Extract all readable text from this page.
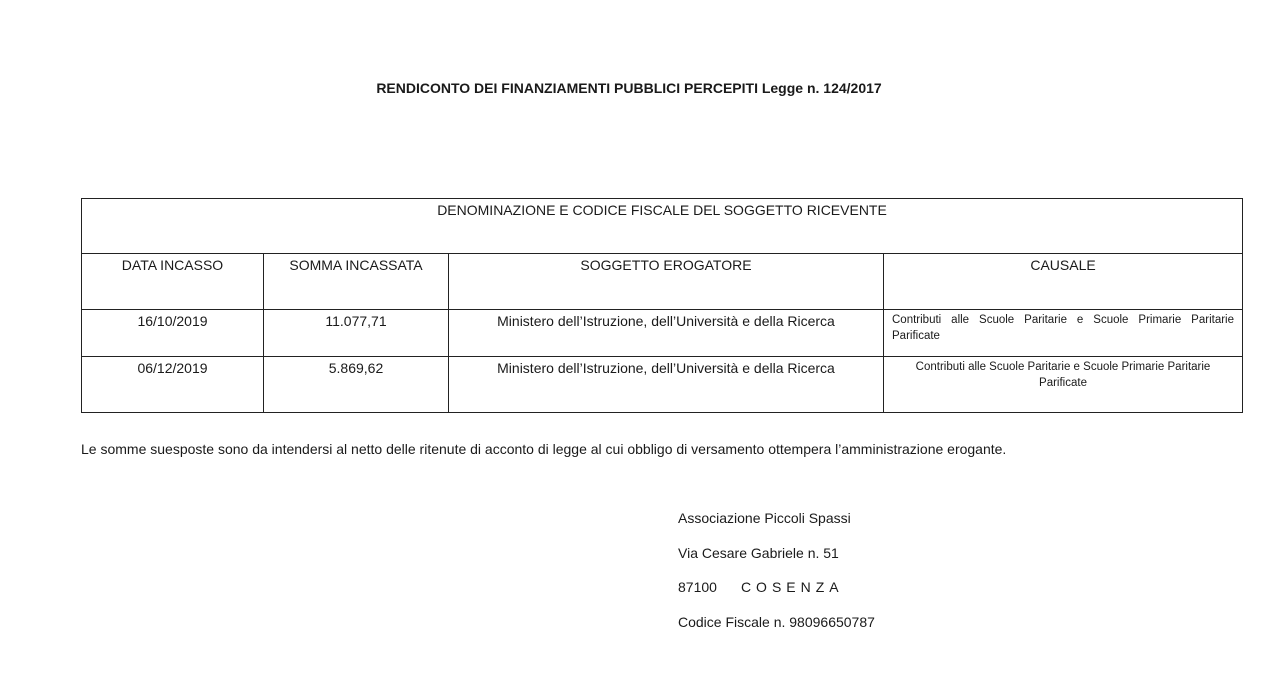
RENDICONTO DEI FINANZIAMENTI PUBBLICI PERCEPITI Legge n. 124/2017
DENOMINAZIONE E CODICE FISCALE DEL SOGGETTO RICEVENTE			
DATA INCASSO	SOMMA INCASSATA	SOGGETTO EROGATORE	CAUSALE
16/10/2019	11.077,71	Ministero dell’Istruzione, dell’Università e della Ricerca	Contributi alle Scuole Paritarie e Scuole Primarie Paritarie Parificate
06/12/2019	5.869,62	Ministero dell’Istruzione, dell’Università e della Ricerca	Contributi alle Scuole Paritarie e Scuole Primarie Paritarie Parificate
Le somme suesposte sono da intendersi al netto delle ritenute di acconto di legge al cui obbligo di versamento ottempera l’amministrazione erogante.
Associazione Piccoli Spassi
Via Cesare Gabriele n. 51
87100 COSENZA
Codice Fiscale n. 98096650787
